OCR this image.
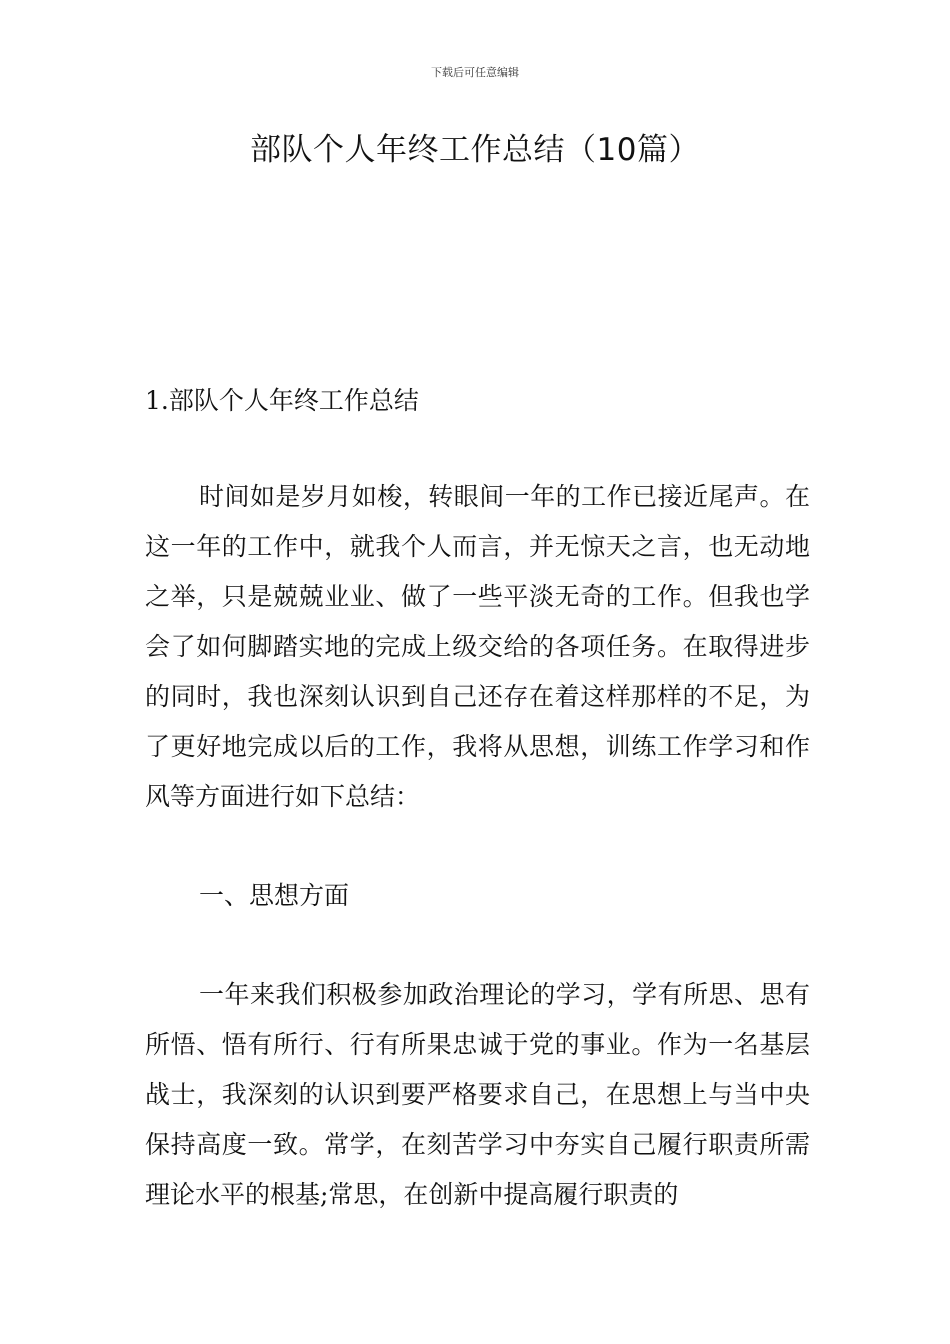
下载后可任意编辑
部队个人年终工作总结（10篇）

1.部队个人年终工作总结

时间如是岁月如梭，转眼间一年的工作已接近尾声。在这一年的工作中，就我个人而言，并无惊天之言，也无动地之举，只是兢兢业业、做了一些平淡无奇的工作。但我也学会了如何脚踏实地的完成上级交给的各项任务。在取得进步的同时，我也深刻认识到自己还存在着这样那样的不足，为了更好地完成以后的工作，我将从思想，训练工作学习和作风等方面进行如下总结：

一、思想方面

一年来我们积极参加政治理论的学习，学有所思、思有所悟、悟有所行、行有所果忠诚于党的事业。作为一名基层战士，我深刻的认识到要严格要求自己，在思想上与当中央保持高度一致。常学，在刻苦学习中夯实自己履行职责所需理论水平的根基;常思，在创新中提高履行职责的
